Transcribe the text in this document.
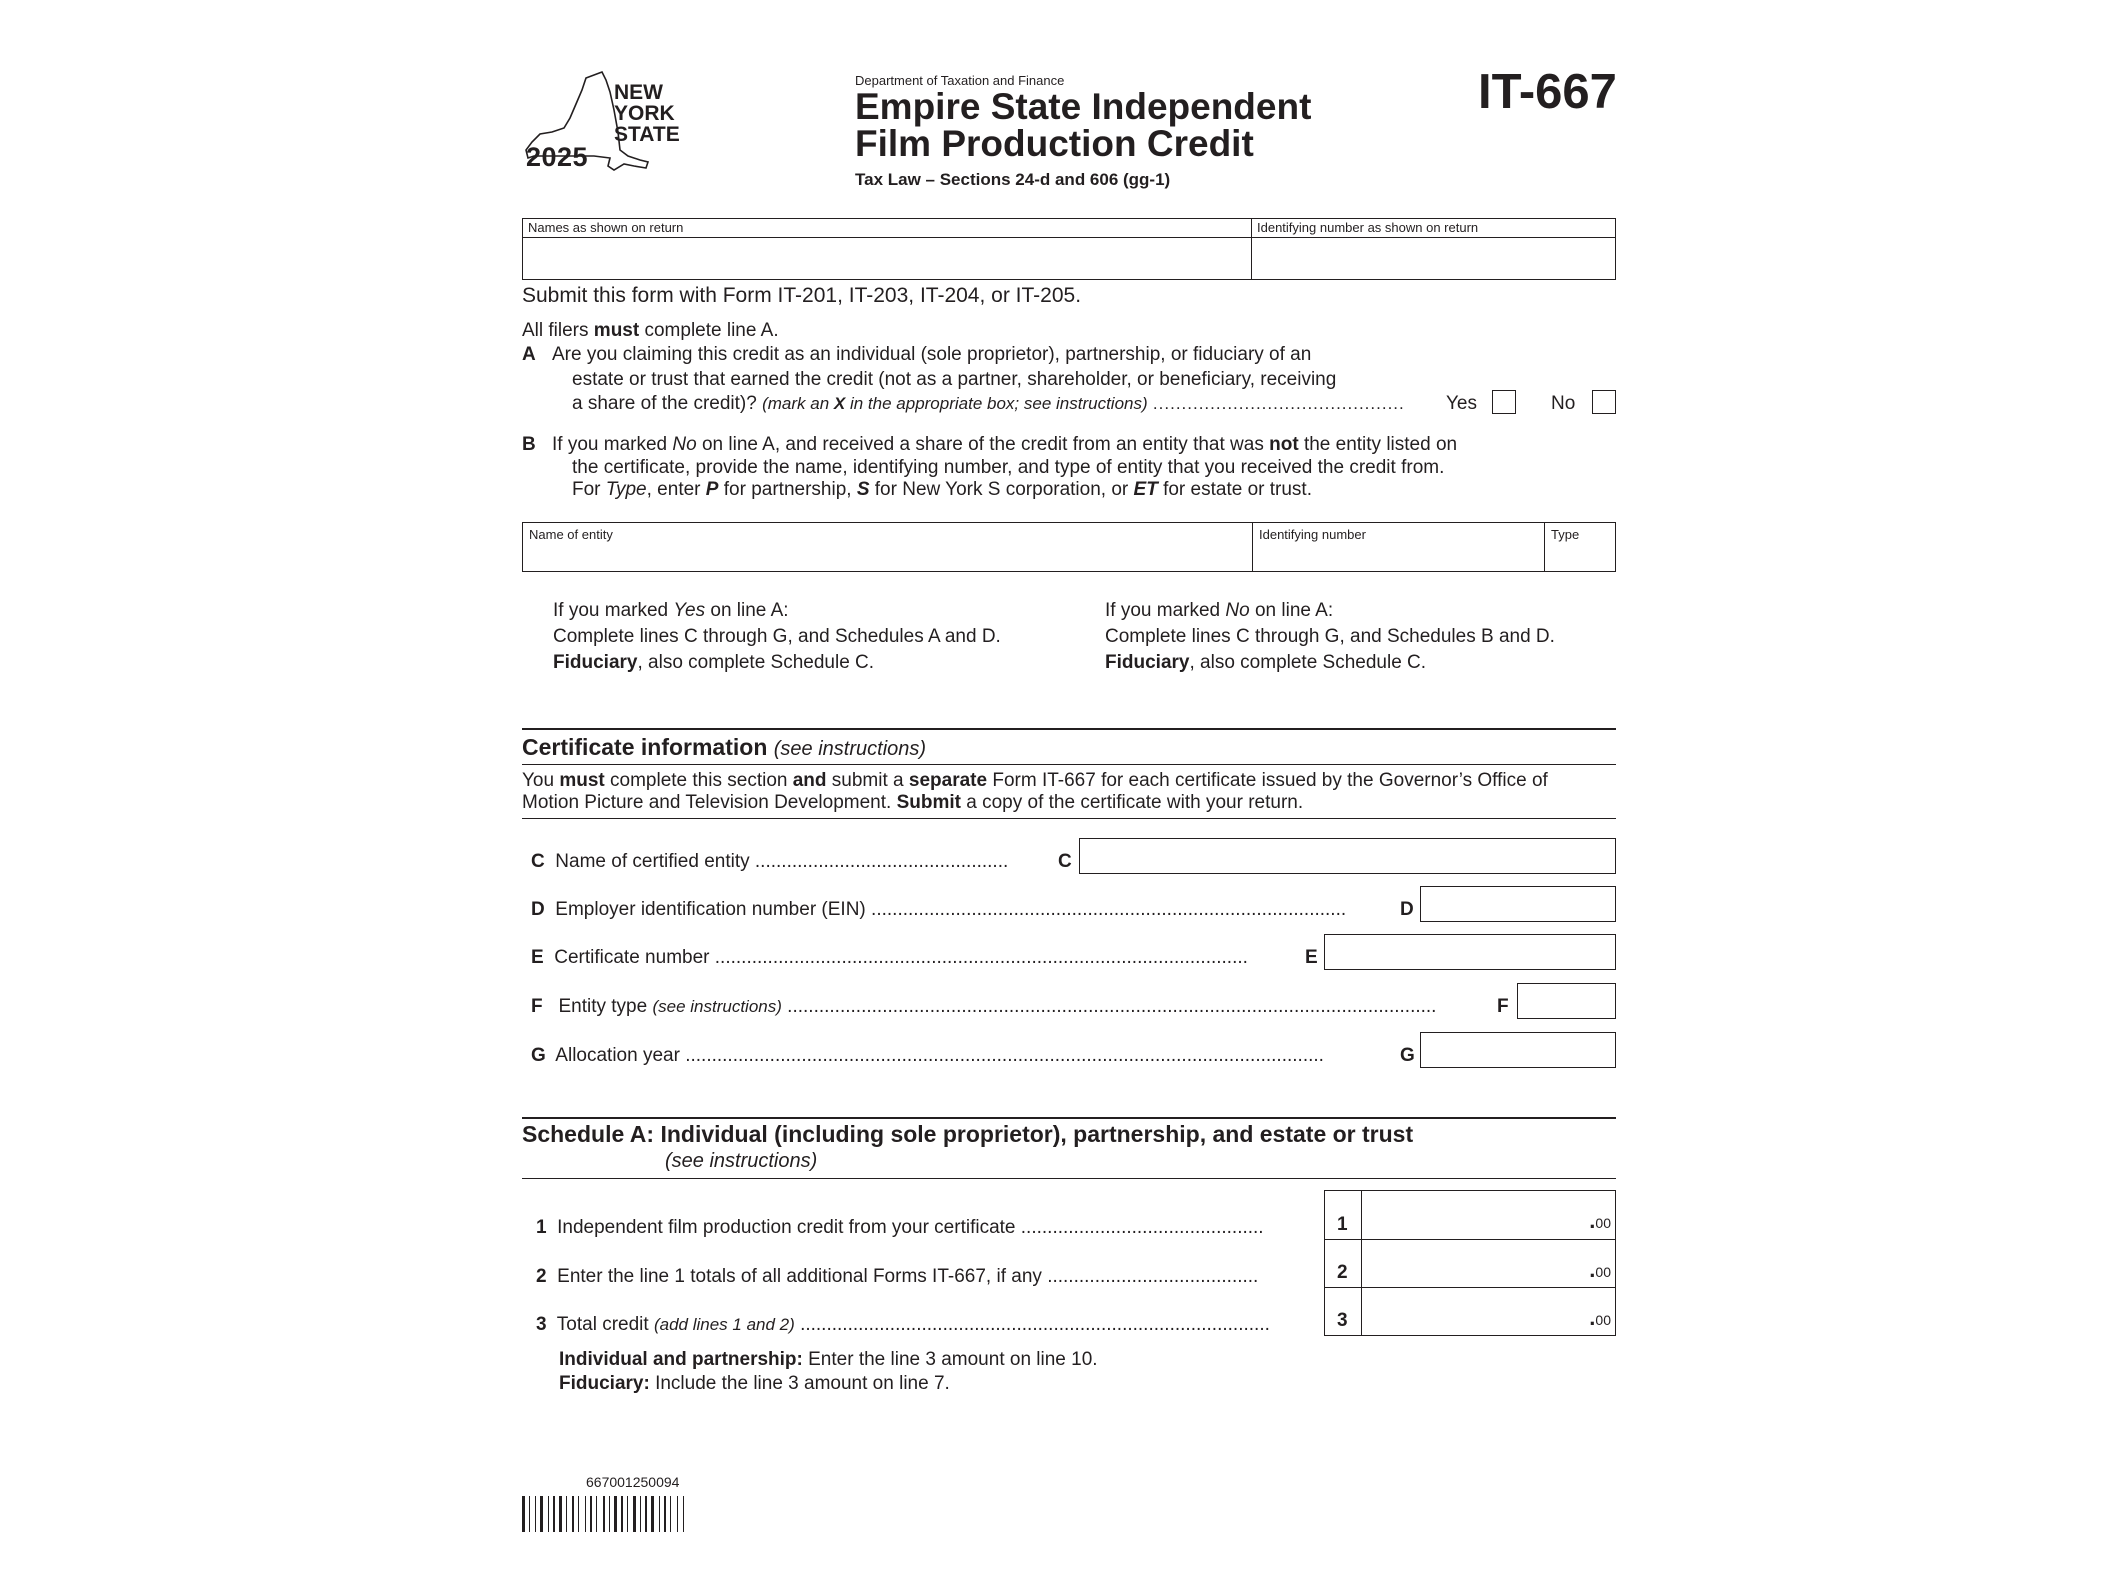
NEW
YORK
STATE
2025
Department of Taxation and Finance
Empire State Independent
Film Production Credit
Tax Law – Sections 24-d and 606 (gg-1)
IT-667
Names as shown on return	Identifying number as shown on return
Submit this form with Form IT-201, IT-203, IT-204, or IT-205.
All filers must complete line A.
A Are you claiming this credit as an individual (sole proprietor), partnership, or fiduciary of an
estate or trust that earned the credit (not as a partner, shareholder, or beneficiary, receiving
a share of the credit)? (mark an X in the appropriate box; see instructions) ............................................ Yes	No
B If you marked No on line A, and received a share of the credit from an entity that was not the entity listed on
the certificate, provide the name, identifying number, and type of entity that you received the credit from.
For Type, enter P for partnership, S for New York S corporation, or ET for estate or trust.
Name of entity	Identifying number	Type
If you marked Yes on line A:
Complete lines C through G, and Schedules A and D.
Fiduciary, also complete Schedule C.
If you marked No on line A:
Complete lines C through G, and Schedules B and D.
Fiduciary, also complete Schedule C.
Certificate information (see instructions)
You must complete this section and submit a separate Form IT-667 for each certificate issued by the Governor’s Office of
Motion Picture and Television Development. Submit a copy of the certificate with your return.
C Name of certified entity ................................................	C
D Employer identification number (EIN) ..........................................................................................	D
E Certificate number .....................................................................................................	E
F Entity type (see instructions) ...........................................................................................................................	F
G Allocation year .........................................................................................................................	G
Schedule A: Individual (including sole proprietor), partnership, and estate or trust
(see instructions)
1	.00
2	.00
3	.00
1 Independent film production credit from your certificate ..............................................
2 Enter the line 1 totals of all additional Forms IT-667, if any ........................................
3 Total credit (add lines 1 and 2) .........................................................................................
Individual and partnership: Enter the line 3 amount on line 10.
Fiduciary: Include the line 3 amount on line 7.
667001250094
